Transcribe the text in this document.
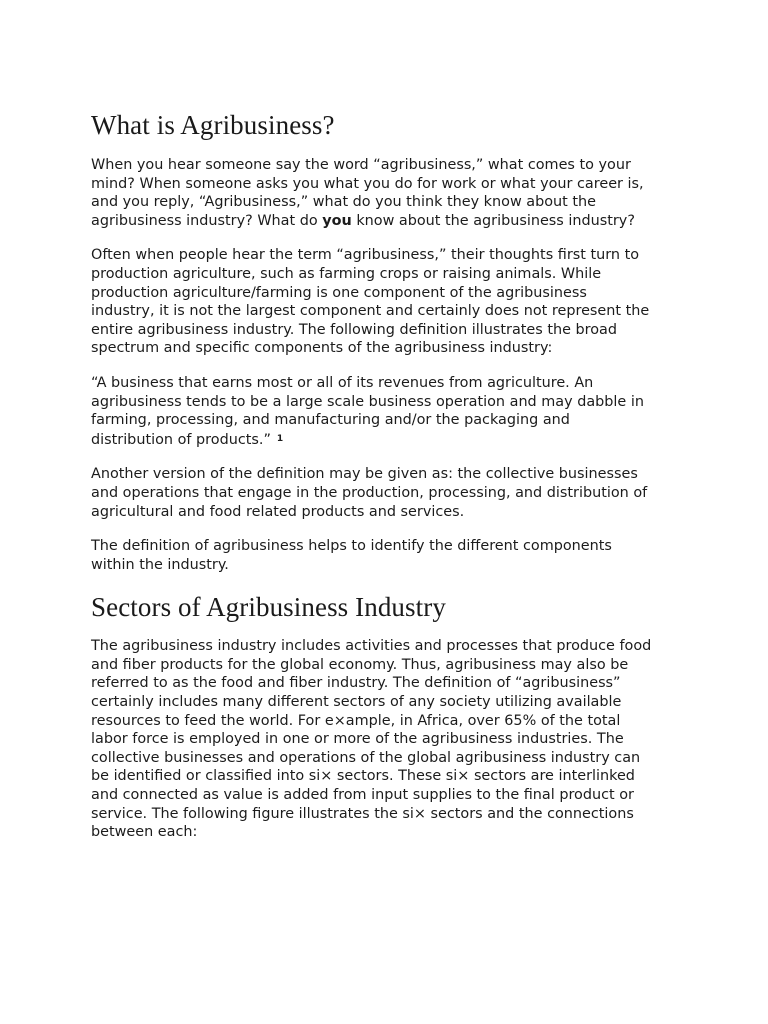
What is Agribusiness?

When you hear someone say the word “agribusiness,” what comes to your
mind? When someone asks you what you do for work or what your career is,
and you reply, “Agribusiness,” what do you think they know about the
agribusiness industry? What do you know about the agribusiness industry?

Often when people hear the term “agribusiness,” their thoughts first turn to
production agriculture, such as farming crops or raising animals. While
production agriculture/farming is one component of the agribusiness
industry, it is not the largest component and certainly does not represent the
entire agribusiness industry. The following definition illustrates the broad
spectrum and specific components of the agribusiness industry:

“A business that earns most or all of its revenues from agriculture. An
agribusiness tends to be a large scale business operation and may dabble in
farming, processing, and manufacturing and/or the packaging and
distribution of products.” $^1$

Another version of the definition may be given as: the collective businesses
and operations that engage in the production, processing, and distribution of
agricultural and food related products and services.

The definition of agribusiness helps to identify the different components
within the industry.

Sectors of Agribusiness Industry

The agribusiness industry includes activities and processes that produce food
and fiber products for the global economy. Thus, agribusiness may also be
referred to as the food and fiber industry. The definition of “agribusiness”
certainly includes many different sectors of any society utilizing available
resources to feed the world. For e×ample, in Africa, over 65% of the total
labor force is employed in one or more of the agribusiness industries. The
collective businesses and operations of the global agribusiness industry can
be identified or classified into si× sectors. These si× sectors are interlinked
and connected as value is added from input supplies to the final product or
service. The following figure illustrates the si× sectors and the connections
between each:
